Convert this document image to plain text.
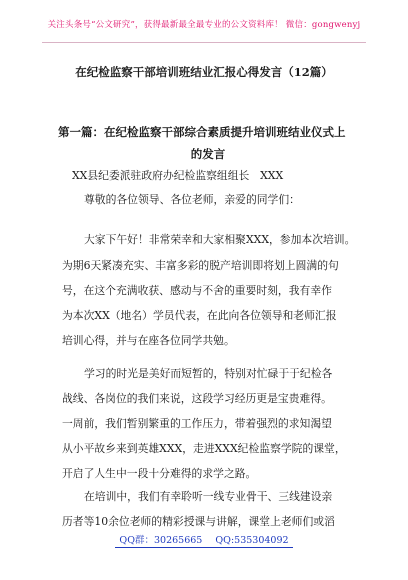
关注头条号“公文研究”，获得最新最全最专业的公文资料库！ 微信：gongwenyj
在纪检监察干部培训班结业汇报心得发言（12篇）
第一篇：在纪检监察干部综合素质提升培训班结业仪式上
的发言
XX县纪委派驻政府办纪检监察组组长　XXX
尊敬的各位领导、各位老师，亲爱的同学们：
大家下午好！非常荣幸和大家相聚XXX，参加本次培训。
为期6天紧凑充实、丰富多彩的脱产培训即将划上圆满的句
号，在这个充满收获、感动与不舍的重要时刻，我有幸作
为本次XX（地名）学员代表，在此向各位领导和老师汇报
培训心得，并与在座各位同学共勉。
学习的时光是美好而短暂的，特别对忙碌于于纪检各
战线、各岗位的我们来说，这段学习经历更是宝贵难得。
一周前，我们暂别繁重的工作压力，带着强烈的求知渴望
从小平故乡来到英雄XXX，走进XXX纪检监察学院的课堂，
开启了人生中一段十分难得的求学之路。
在培训中，我们有幸聆听一线专业骨干、三线建设亲
历者等10余位老师的精彩授课与讲解，课堂上老师们或滔
QQ群：30265665 QQ:535304092
